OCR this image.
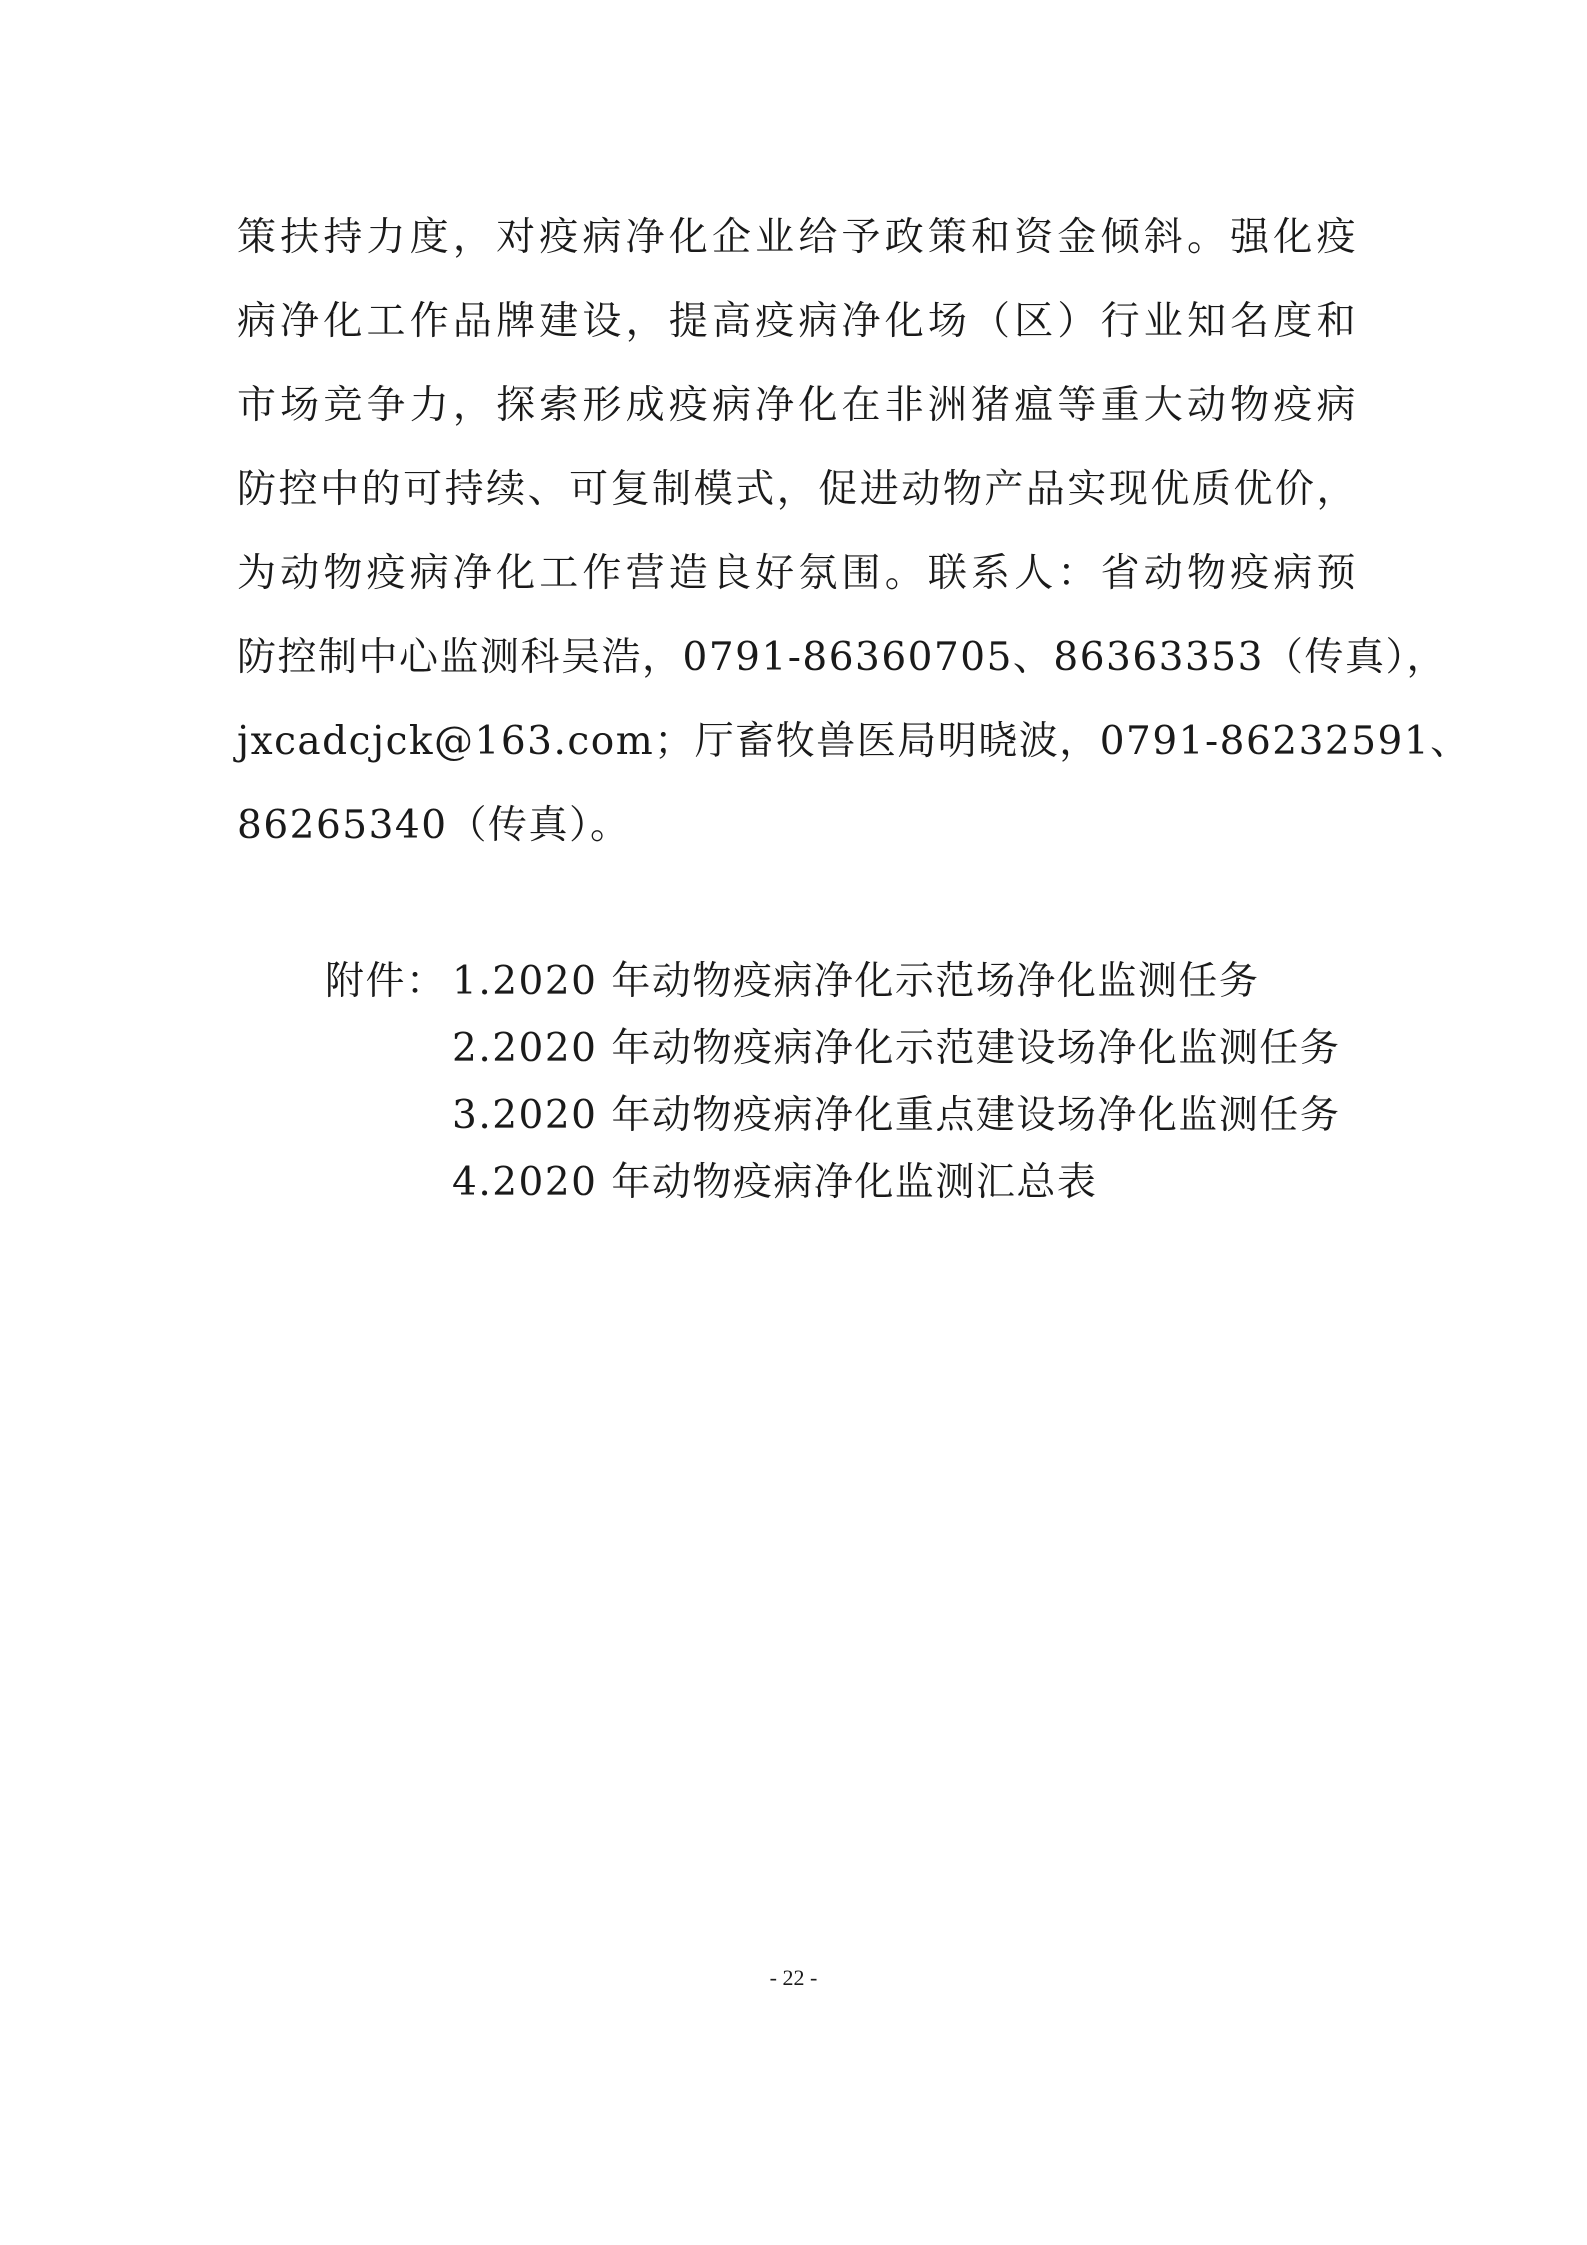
策扶持力度，对疫病净化企业给予政策和资金倾斜。强化疫
病净化工作品牌建设，提高疫病净化场（区）行业知名度和
市场竞争力，探索形成疫病净化在非洲猪瘟等重大动物疫病
防控中的可持续、可复制模式，促进动物产品实现优质优价，
为动物疫病净化工作营造良好氛围。联系人：省动物疫病预
防控制中心监测科吴浩，0791-86360705、86363353（传真），
jxcadcjck@163.com；厅畜牧兽医局明晓波，0791-86232591、
86265340（传真）。
附件： 1.2020 年动物疫病净化示范场净化监测任务
2.2020 年动物疫病净化示范建设场净化监测任务
3.2020 年动物疫病净化重点建设场净化监测任务
4.2020 年动物疫病净化监测汇总表
- 22 -
